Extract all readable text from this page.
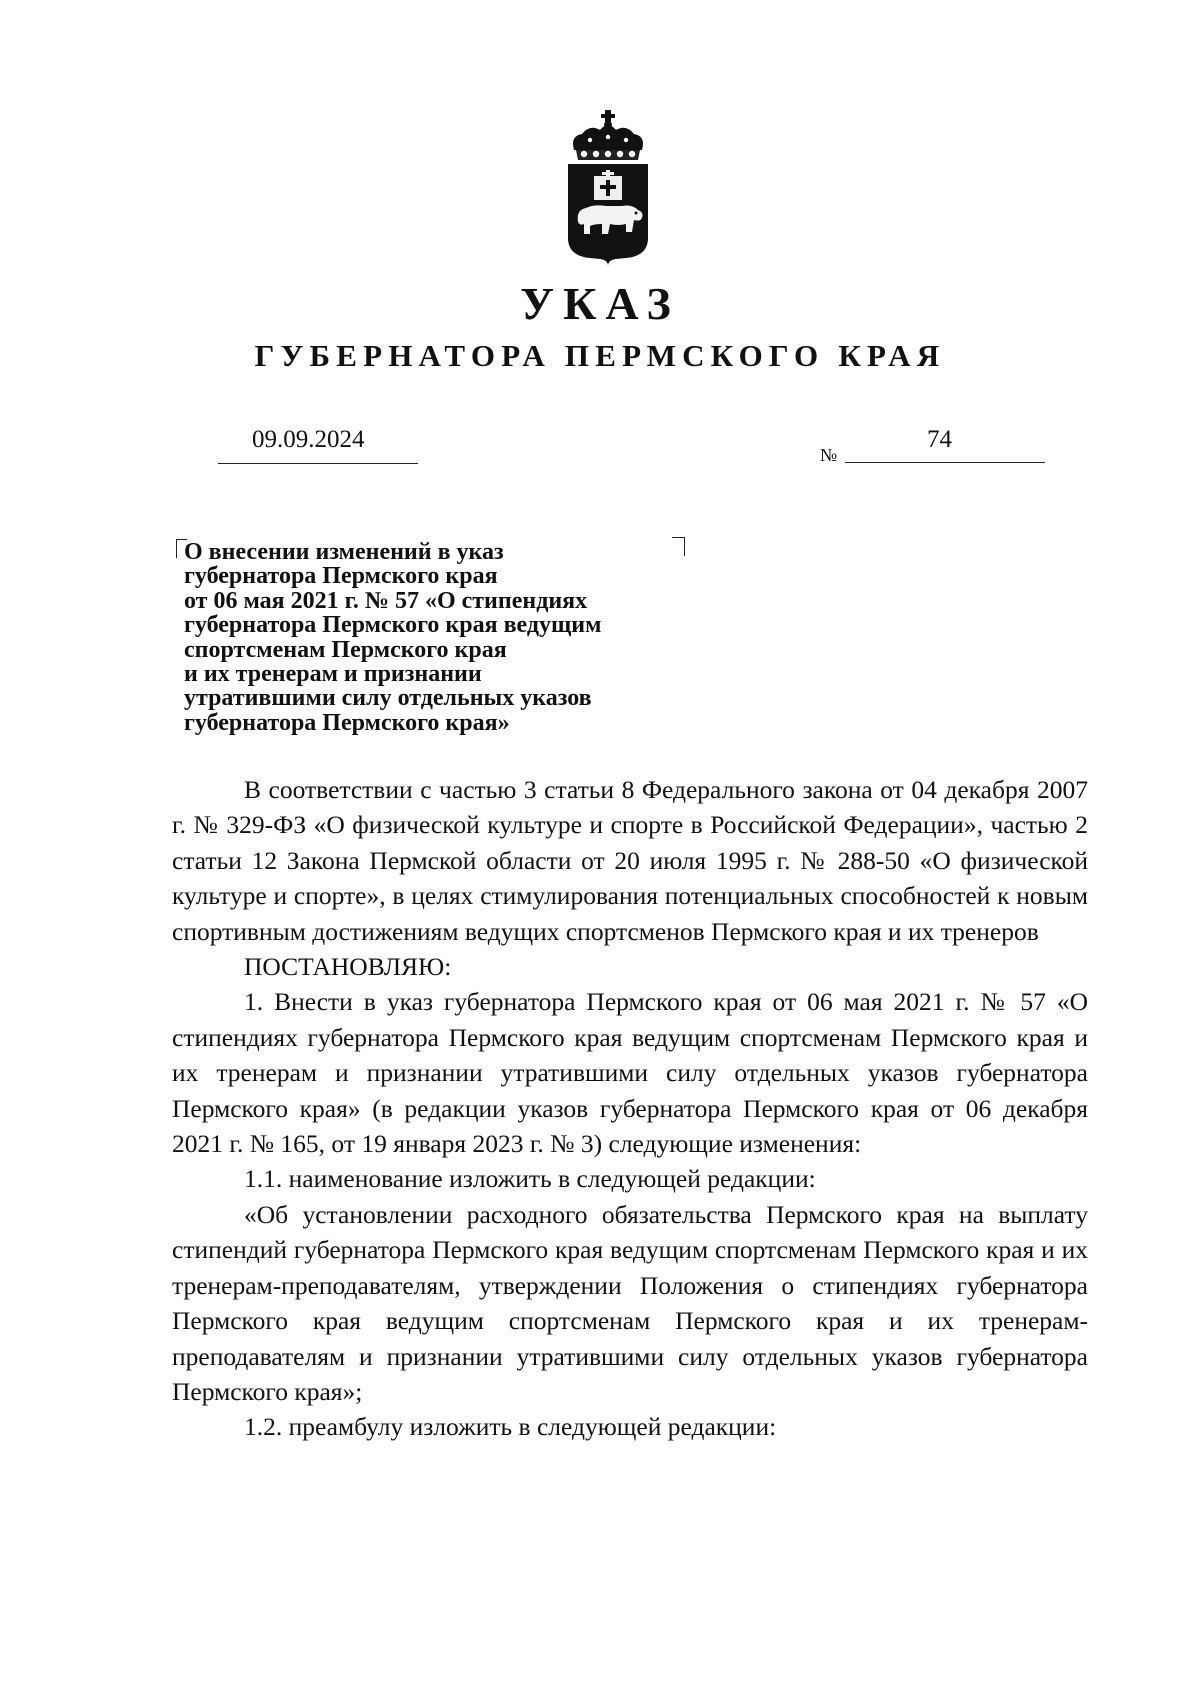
УКАЗ
ГУБЕРНАТОРА ПЕРМСКОГО КРАЯ
09.09.2024
№
74
О внесении изменений в указ
губернатора Пермского края
от 06 мая 2021 г. № 57 «О стипендиях
губернатора Пермского края ведущим
спортсменам Пермского края
и их тренерам и признании
утратившими силу отдельных указов
губернатора Пермского края»

В соответствии с частью 3 статьи 8 Федерального закона от 04 декабря 2007 г. № 329-ФЗ «О физической культуре и спорте в Российской Федерации», частью 2 статьи 12 Закона Пермской области от 20 июля 1995 г. № 288-50 «О физической культуре и спорте», в целях стимулирования потенциальных способностей к новым спортивным достижениям ведущих спортсменов Пермского края и их тренеров

ПОСТАНОВЛЯЮ:

1. Внести в указ губернатора Пермского края от 06 мая 2021 г. № 57 «О стипендиях губернатора Пермского края ведущим спортсменам Пермского края и их тренерам и признании утратившими силу отдельных указов губернатора Пермского края» (в редакции указов губернатора Пермского края от 06 декабря 2021 г. № 165, от 19 января 2023 г. № 3) следующие изменения:

1.1. наименование изложить в следующей редакции:

«Об установлении расходного обязательства Пермского края на выплату стипендий губернатора Пермского края ведущим спортсменам Пермского края и их тренерам-преподавателям, утверждении Положения о стипендиях губернатора Пермского края ведущим спортсменам Пермского края и их тренерам-преподавателям и признании утратившими силу отдельных указов губернатора Пермского края»;

1.2. преамбулу изложить в следующей редакции:
